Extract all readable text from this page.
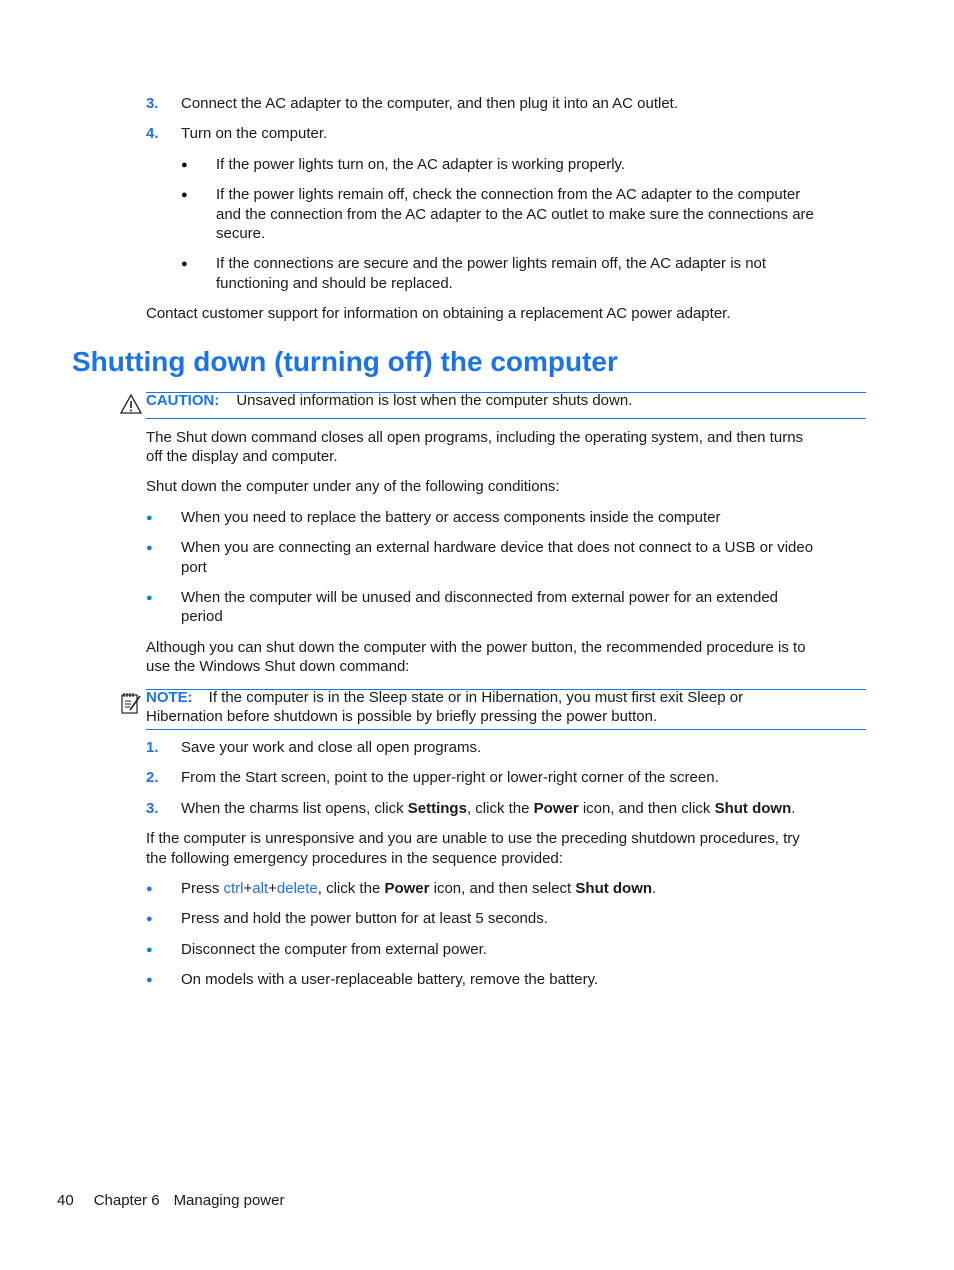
3. Connect the AC adapter to the computer, and then plug it into an AC outlet.
4. Turn on the computer.
● If the power lights turn on, the AC adapter is working properly.
● If the power lights remain off, check the connection from the AC adapter to the computer
and the connection from the AC adapter to the AC outlet to make sure the connections are
secure.
● If the connections are secure and the power lights remain off, the AC adapter is not
functioning and should be replaced.
Contact customer support for information on obtaining a replacement AC power adapter.
Shutting down (turning off) the computer
CAUTION: Unsaved information is lost when the computer shuts down.
The Shut down command closes all open programs, including the operating system, and then turns
off the display and computer.
Shut down the computer under any of the following conditions:
● When you need to replace the battery or access components inside the computer
● When you are connecting an external hardware device that does not connect to a USB or video
port
● When the computer will be unused and disconnected from external power for an extended
period
Although you can shut down the computer with the power button, the recommended procedure is to
use the Windows Shut down command:
NOTE: If the computer is in the Sleep state or in Hibernation, you must first exit Sleep or
Hibernation before shutdown is possible by briefly pressing the power button.
1. Save your work and close all open programs.
2. From the Start screen, point to the upper-right or lower-right corner of the screen.
3. When the charms list opens, click Settings, click the Power icon, and then click Shut down.
If the computer is unresponsive and you are unable to use the preceding shutdown procedures, try
the following emergency procedures in the sequence provided:
● Press ctrl+alt+delete, click the Power icon, and then select Shut down.
● Press and hold the power button for at least 5 seconds.
● Disconnect the computer from external power.
● On models with a user-replaceable battery, remove the battery.
40 Chapter 6 Managing power
